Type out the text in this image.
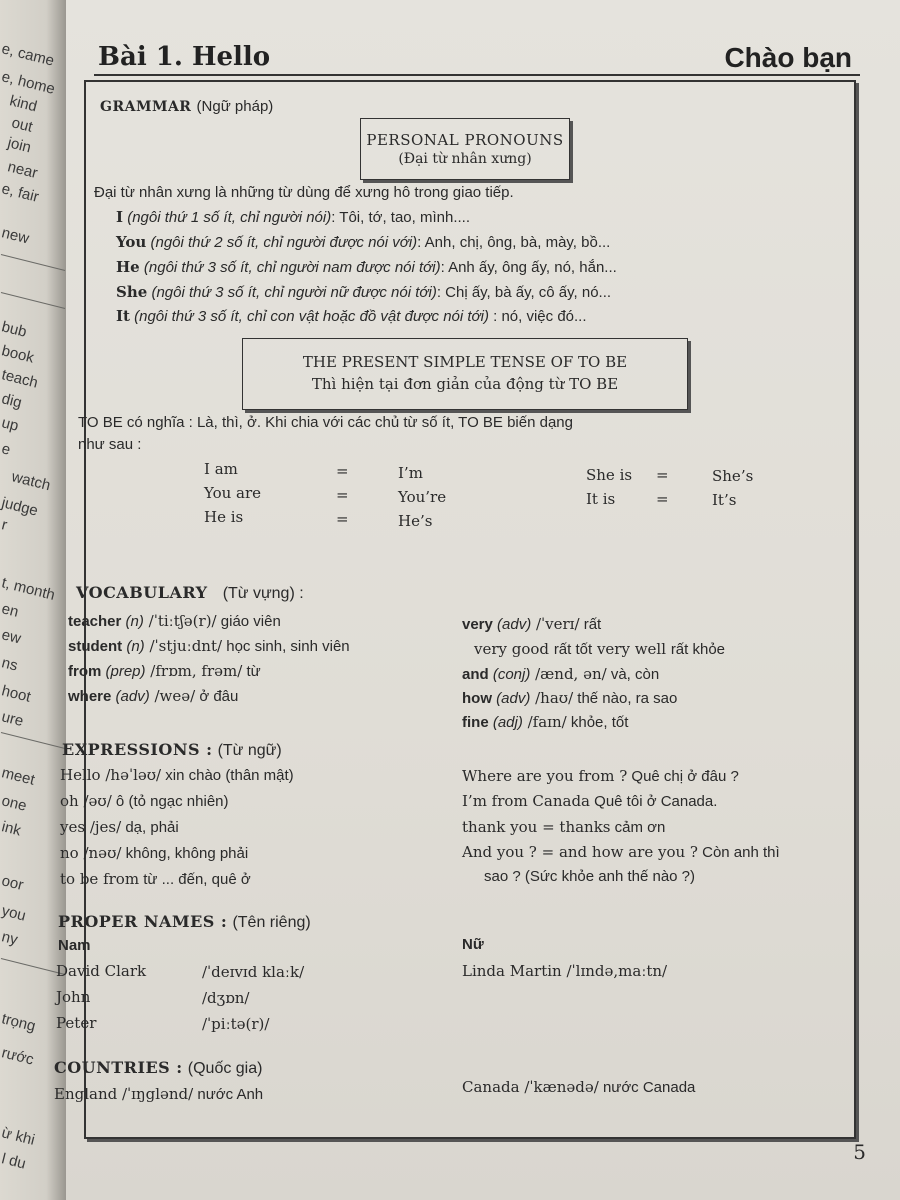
e, came
e, home
kind
out
join
near
e, fair
new
bub
book
teach
dig
up
e
watch
judge
r
t, month
en
ew
ns
hoot
ure
meet
one
ink
oor
you
ny
trọng
rước
ừ khi
l du
Bài 1. Hello	Chào bạn
GRAMMAR (Ngữ pháp)
PERSONAL PRONOUNS
(Đại từ nhân xưng)
Đại từ nhân xưng là những từ dùng để xưng hô trong giao tiếp.
I (ngôi thứ 1 số ít, chỉ người nói): Tôi, tớ, tao, mình....
You (ngôi thứ 2 số ít, chỉ người được nói với): Anh, chị, ông, bà, mày, bồ...
He (ngôi thứ 3 số ít, chỉ người nam được nói tới): Anh ấy, ông ấy, nó, hắn...
She (ngôi thứ 3 số ít, chỉ người nữ được nói tới): Chị ấy, bà ấy, cô ấy, nó...
It (ngôi thứ 3 số ít, chỉ con vật hoặc đồ vật được nói tới) : nó, việc đó...
THE PRESENT SIMPLE TENSE OF TO BE
Thì hiện tại đơn giản của động từ TO BE
TO BE có nghĩa : Là, thì, ở. Khi chia với các chủ từ số ít, TO BE biến dạng
như sau :
I am	=	I’m
You are	=	You’re
He is	=	He’s
She is =	She’s
It is	=	It’s
VOCABULARY (Từ vựng) :
teacher (n) /ˈtiːtʃə(r)/ giáo viên
student (n) /ˈstjuːdnt/ học sinh, sinh viên
from (prep) /frɒm, frəm/ từ
where (adv) /weə/ ở đâu
very (adv) /ˈverɪ/ rất
very good rất tốt very well rất khỏe
and (conj) /ænd, ən/ và, còn
how (adv) /haʊ/ thế nào, ra sao
fine (adj) /faɪn/ khỏe, tốt
EXPRESSIONS : (Từ ngữ)
Hello /həˈləʊ/ xin chào (thân mật)
oh /əʊ/ ô (tỏ ngạc nhiên)
yes /jes/ dạ, phải
no /nəʊ/ không, không phải
to be from từ ... đến, quê ở
Where are you from ? Quê chị ở đâu ?
I’m from Canada Quê tôi ở Canada.
thank you = thanks cảm ơn
And you ? = and how are you ? Còn anh thì
sao ? (Sức khỏe anh thế nào ?)
PROPER NAMES : (Tên riêng)
Nam	Nữ
David Clark	/ˈdeɪvɪd klaːk/
John	/dʒɒn/
Peter	/ˈpiːtə(r)/
Linda Martin /ˈlɪndə,maːtn/
COUNTRIES : (Quốc gia)
England /ˈɪŋglənd/ nước Anh	Canada /ˈkænədə/ nước Canada
5
